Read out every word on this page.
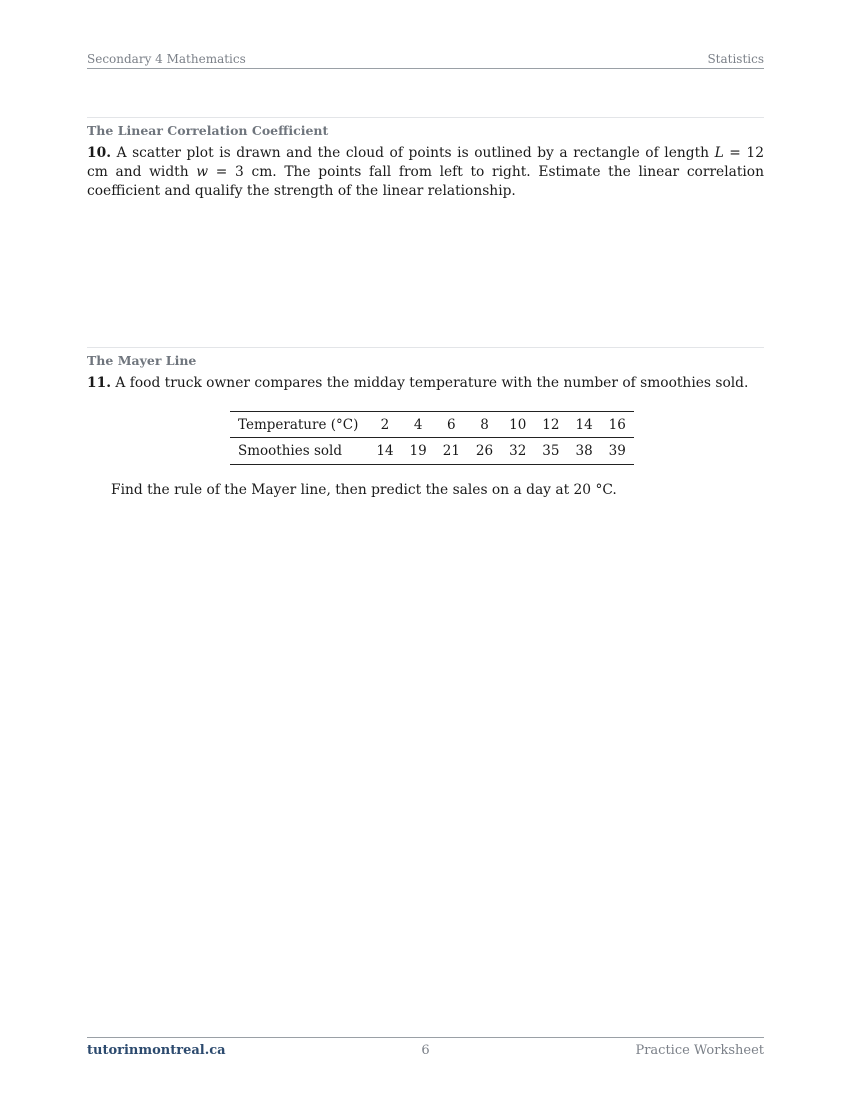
Secondary 4 Mathematics	Statistics
The Linear Correlation Coefficient
10. A scatter plot is drawn and the cloud of points is outlined by a rectangle of length L = 12 cm and width w = 3 cm. The points fall from left to right. Estimate the linear correlation coefficient and qualify the strength of the linear relationship.
The Mayer Line
11. A food truck owner compares the midday temperature with the number of smoothies sold.
Temperature (°C)	2	4	6	8	10	12	14	16
Smoothies sold	14	19	21	26	32	35	38	39
Find the rule of the Mayer line, then predict the sales on a day at 20 °C.
tutorinmontreal.ca	6	Practice Worksheet
